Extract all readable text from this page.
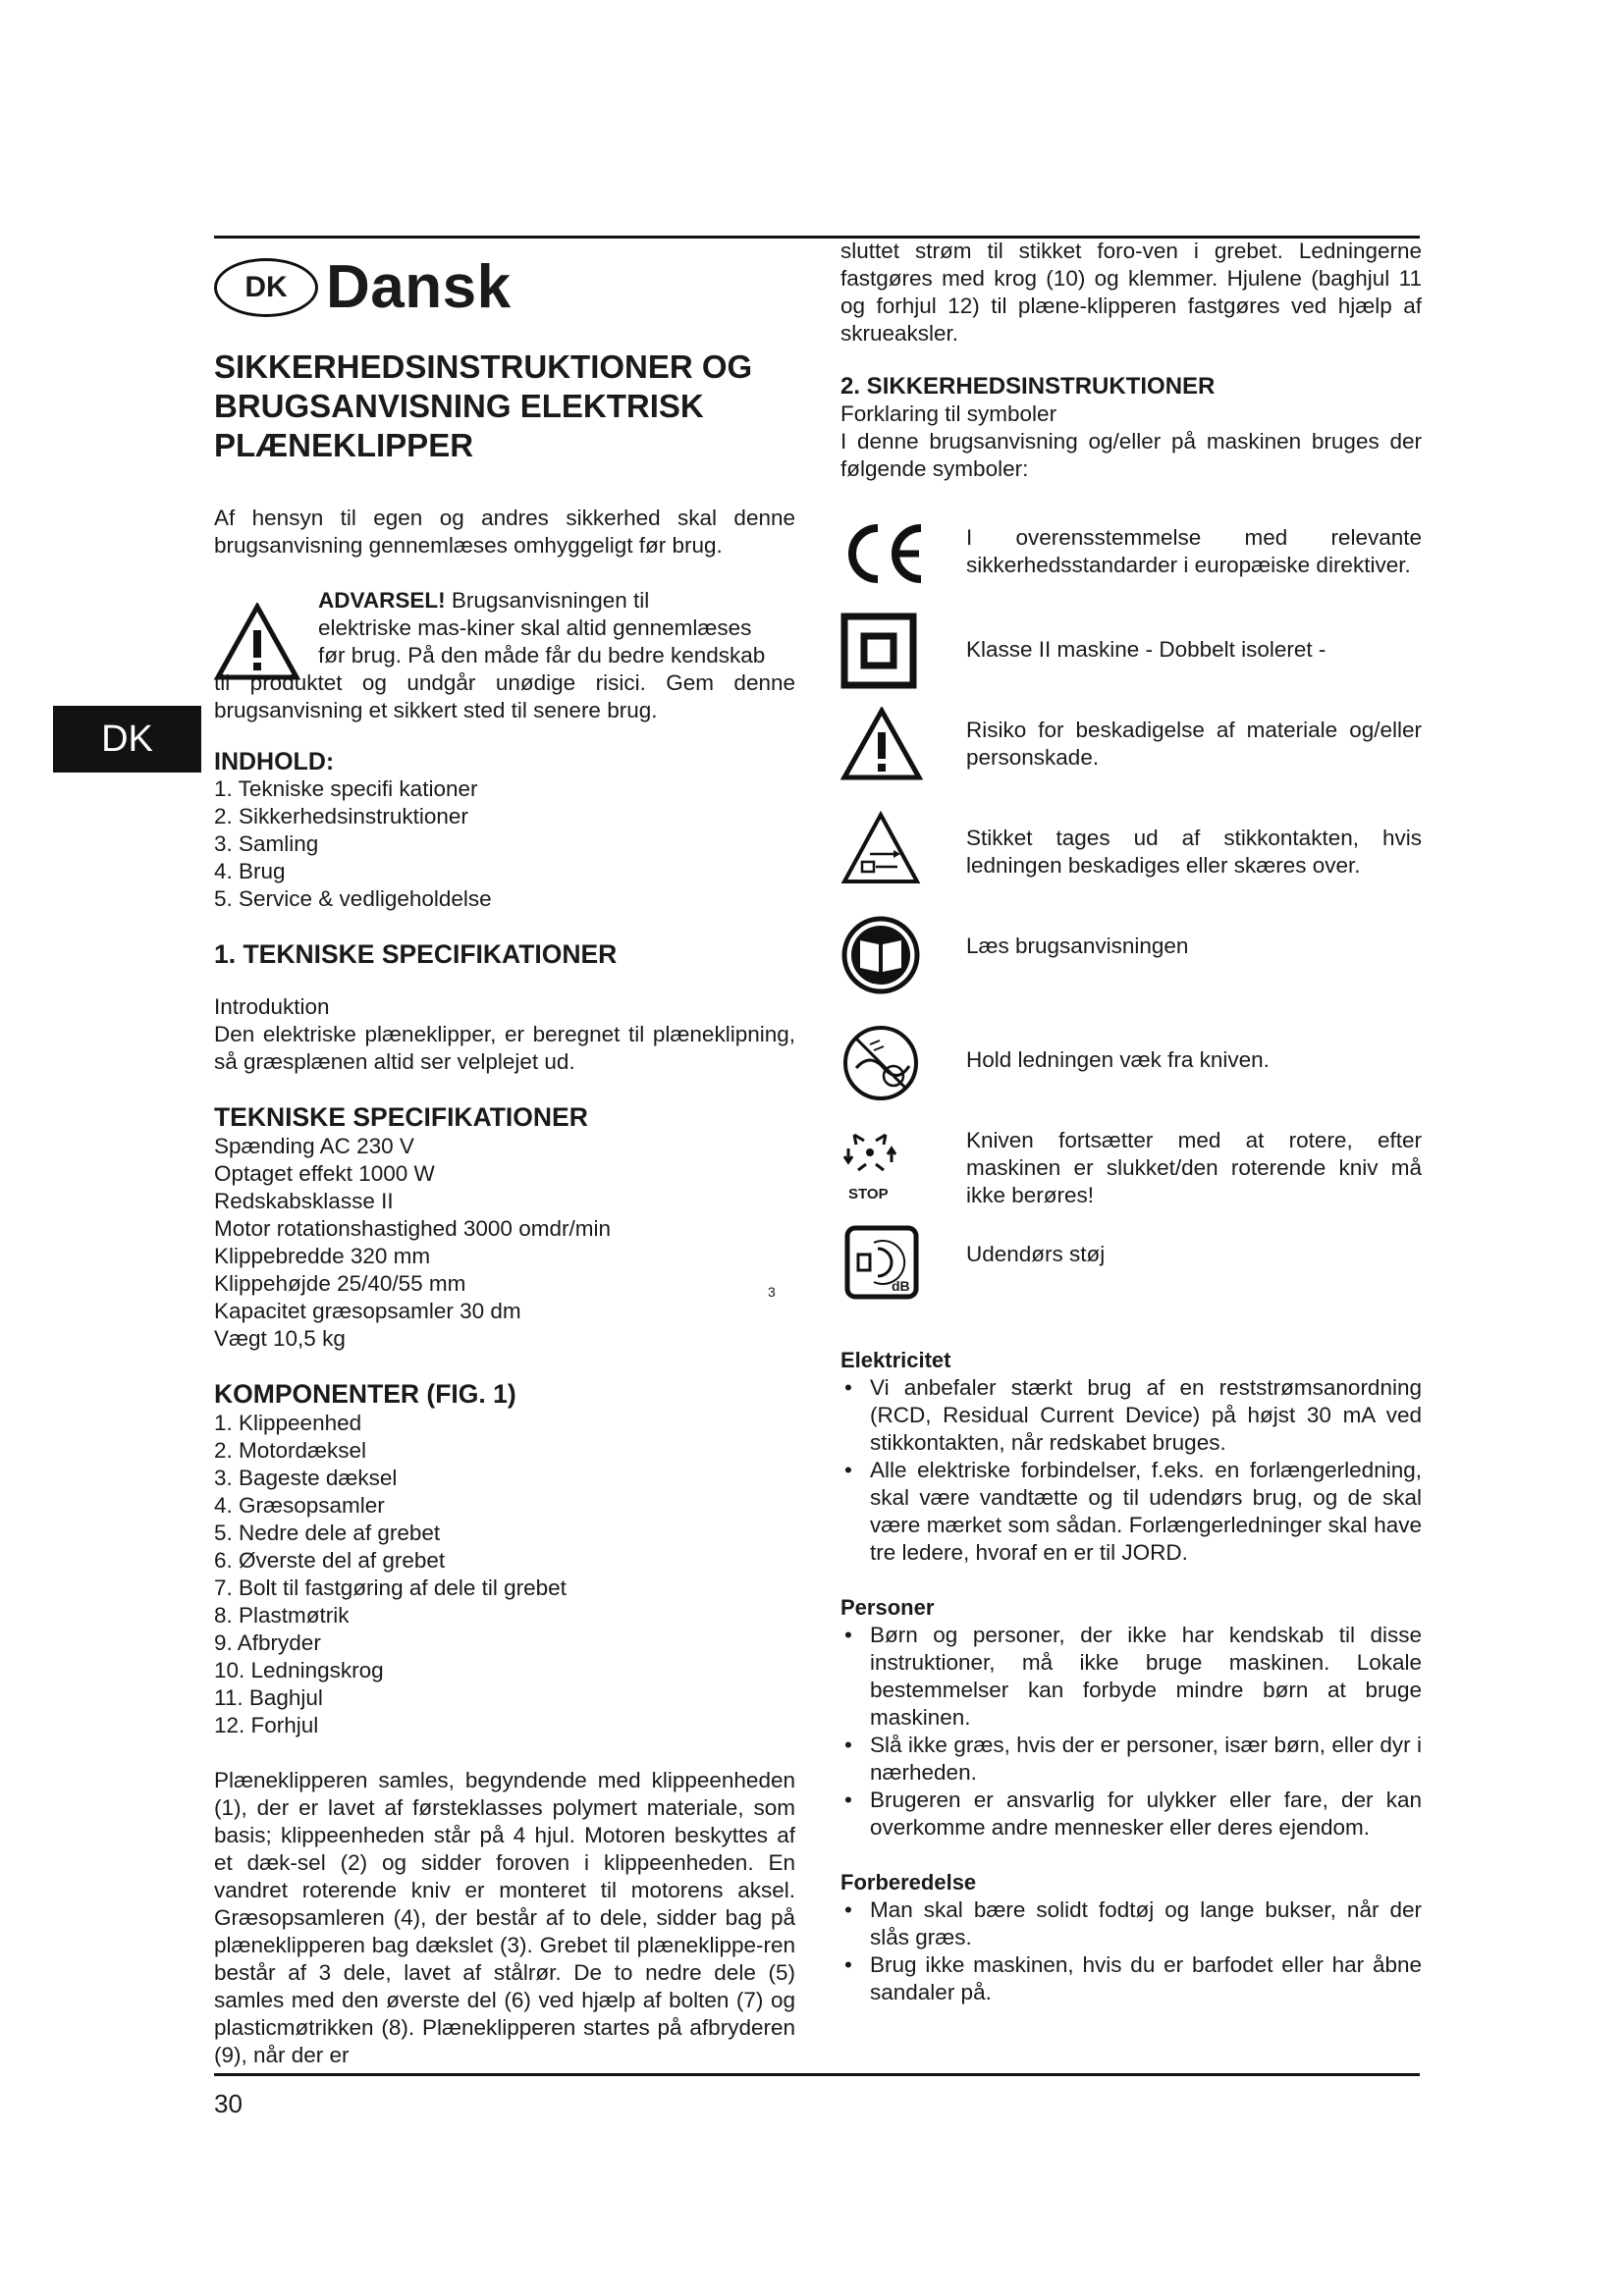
DK
DK Dansk
SIKKERHEDSINSTRUKTIONER OG
BRUGSANVISNING ELEKTRISK
PLÆNEKLIPPER

Af hensyn til egen og andres sikkerhed skal denne brugsanvisning gennemlæses omhyggeligt før brug.

ADVARSEL! Brugsanvisningen til
elektriske mas-kiner skal altid gennemlæses
før brug. På den måde får du bedre kendskab

til produktet og undgår unødige risici. Gem denne brugsanvisning et sikkert sted til senere brug.

INDHOLD:
1. Tekniske specifi kationer
2. Sikkerhedsinstruktioner
3. Samling
4. Brug
5. Service & vedligeholdelse
1. TEKNISKE SPECIFIKATIONER

Introduktion

Den elektriske plæneklipper, er beregnet til plæneklipning, så græsplænen altid ser velplejet ud.

TEKNISKE SPECIFIKATIONER
Spænding AC 230 V
Optaget effekt 1000 W
Redskabsklasse II
Motor rotationshastighed 3000 omdr/min
Klippebredde 320 mm
Klippehøjde 25/40/55 mm
Kapacitet græsopsamler 30 dm
Vægt 10,5 kg
KOMPONENTER (FIG. 1)
1. Klippeenhed
2. Motordæksel
3. Bageste dæksel
4. Græsopsamler
5. Nedre dele af grebet
6. Øverste del af grebet
7. Bolt til fastgøring af dele til grebet
8. Plastmøtrik
9. Afbryder
10. Ledningskrog
11. Baghjul
12. Forhjul

Plæneklipperen samles, begyndende med klippeenheden (1), der er lavet af førsteklasses polymert materiale, som basis; klippeenheden står på 4 hjul. Motoren beskyttes af et dæk-sel (2) og sidder foroven i klippeenheden. En vandret roterende kniv er monteret til motorens aksel. Græsopsamleren (4), der består af to dele, sidder bag på plæneklipperen bag dækslet (3). Grebet til plæneklippe-ren består af 3 dele, lavet af stålrør. De to nedre dele (5) samles med den øverste del (6) ved hjælp af bolten (7) og plasticmøtrikken (8). Plæneklipperen startes på afbryderen (9), når der er

3

sluttet strøm til stikket foro-ven i grebet. Ledningerne fastgøres med krog (10) og klemmer. Hjulene (baghjul 11 og forhjul 12) til plæne-klipperen fastgøres ved hjælp af skrueaksler.

2. SIKKERHEDSINSTRUKTIONER

Forklaring til symboler

I denne brugsanvisning og/eller på maskinen bruges der følgende symboler:

I overensstemmelse med relevante sikkerhedsstandarder i europæiske direktiver.
Klasse II maskine - Dobbelt isoleret -
Risiko for beskadigelse af materiale og/eller personskade.
Stikket tages ud af stikkontakten, hvis ledningen beskadiges eller skæres over.
Læs brugsanvisningen
Hold ledningen væk fra kniven.
STOP
Kniven fortsætter med at rotere, efter maskinen er slukket/den roterende kniv må ikke berøres!
dB
Udendørs støj
Elektricitet
• Vi anbefaler stærkt brug af en reststrømsanordning (RCD, Residual Current Device) på højst 30 mA ved stikkontakten, når redskabet bruges.
• Alle elektriske forbindelser, f.eks. en forlængerledning, skal være vandtætte og til udendørs brug, og de skal være mærket som sådan. Forlængerledninger skal have tre ledere, hvoraf en er til JORD.
Personer
• Børn og personer, der ikke har kendskab til disse instruktioner, må ikke bruge maskinen. Lokale bestemmelser kan forbyde mindre børn at bruge maskinen.
• Slå ikke græs, hvis der er personer, især børn, eller dyr i nærheden.
• Brugeren er ansvarlig for ulykker eller fare, der kan overkomme andre mennesker eller deres ejendom.
Forberedelse
• Man skal bære solidt fodtøj og lange bukser, når der slås græs.
• Brug ikke maskinen, hvis du er barfodet eller har åbne sandaler på.
30
